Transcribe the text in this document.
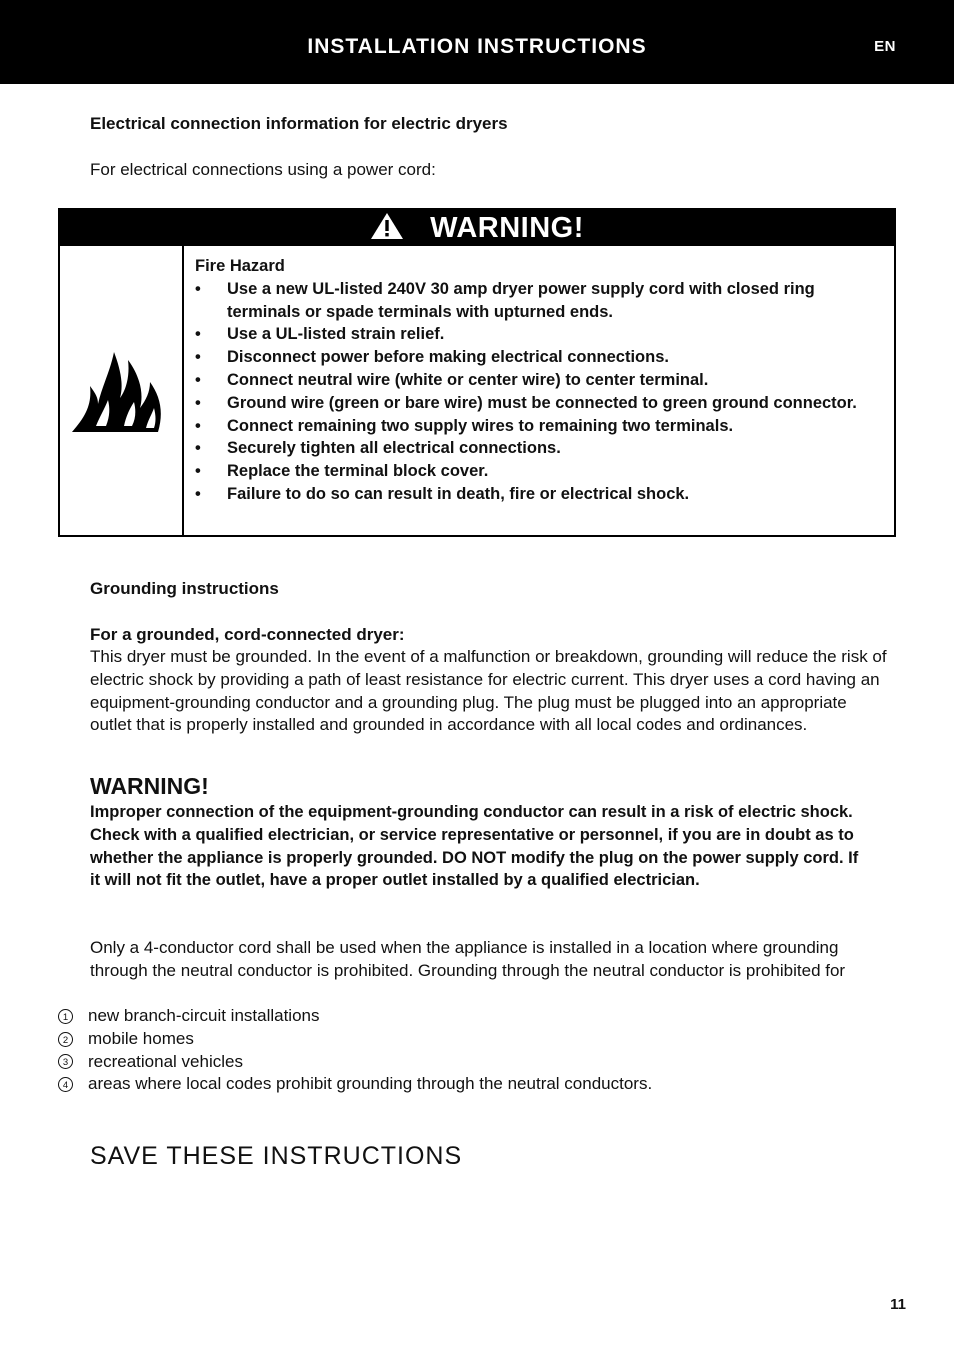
INSTALLATION INSTRUCTIONS	EN

Electrical connection information for electric dryers

For electrical connections using a power cord:

WARNING!
Fire Hazard
• Use a new UL-listed 240V 30 amp dryer power supply cord with closed ring terminals or spade terminals with upturned ends.
• Use a UL-listed strain relief.
• Disconnect power before making electrical connections.
• Connect neutral wire (white or center wire) to center terminal.
• Ground wire (green or bare wire) must be connected to green ground connector.
• Connect remaining two supply wires to remaining two terminals.
• Securely tighten all electrical connections.
• Replace the terminal block cover.
• Failure to do so can result in death, fire or electrical shock.

Grounding instructions

For a grounded, cord-connected dryer:

This dryer must be grounded. In the event of a malfunction or breakdown, grounding will reduce the risk of electric shock by providing a path of least resistance for electric current. This dryer uses a cord having an equipment-grounding conductor and a grounding plug. The plug must be plugged into an appropriate outlet that is properly installed and grounded in accordance with all local codes and ordinances.

WARNING!

Improper connection of the equipment-grounding conductor can result in a risk of electric shock. Check with a qualified electrician, or service representative or personnel, if you are in doubt as to whether the appliance is properly grounded. DO NOT modify the plug on the power supply cord. If it will not fit the outlet, have a proper outlet installed by a qualified electrician.

Only a 4-conductor cord shall be used when the appliance is installed in a location where grounding through the neutral conductor is prohibited. Grounding through the neutral conductor is prohibited for

1 new branch-circuit installations
2 mobile homes
3 recreational vehicles
4 areas where local codes prohibit grounding through the neutral conductors.
SAVE THESE INSTRUCTIONS
11
